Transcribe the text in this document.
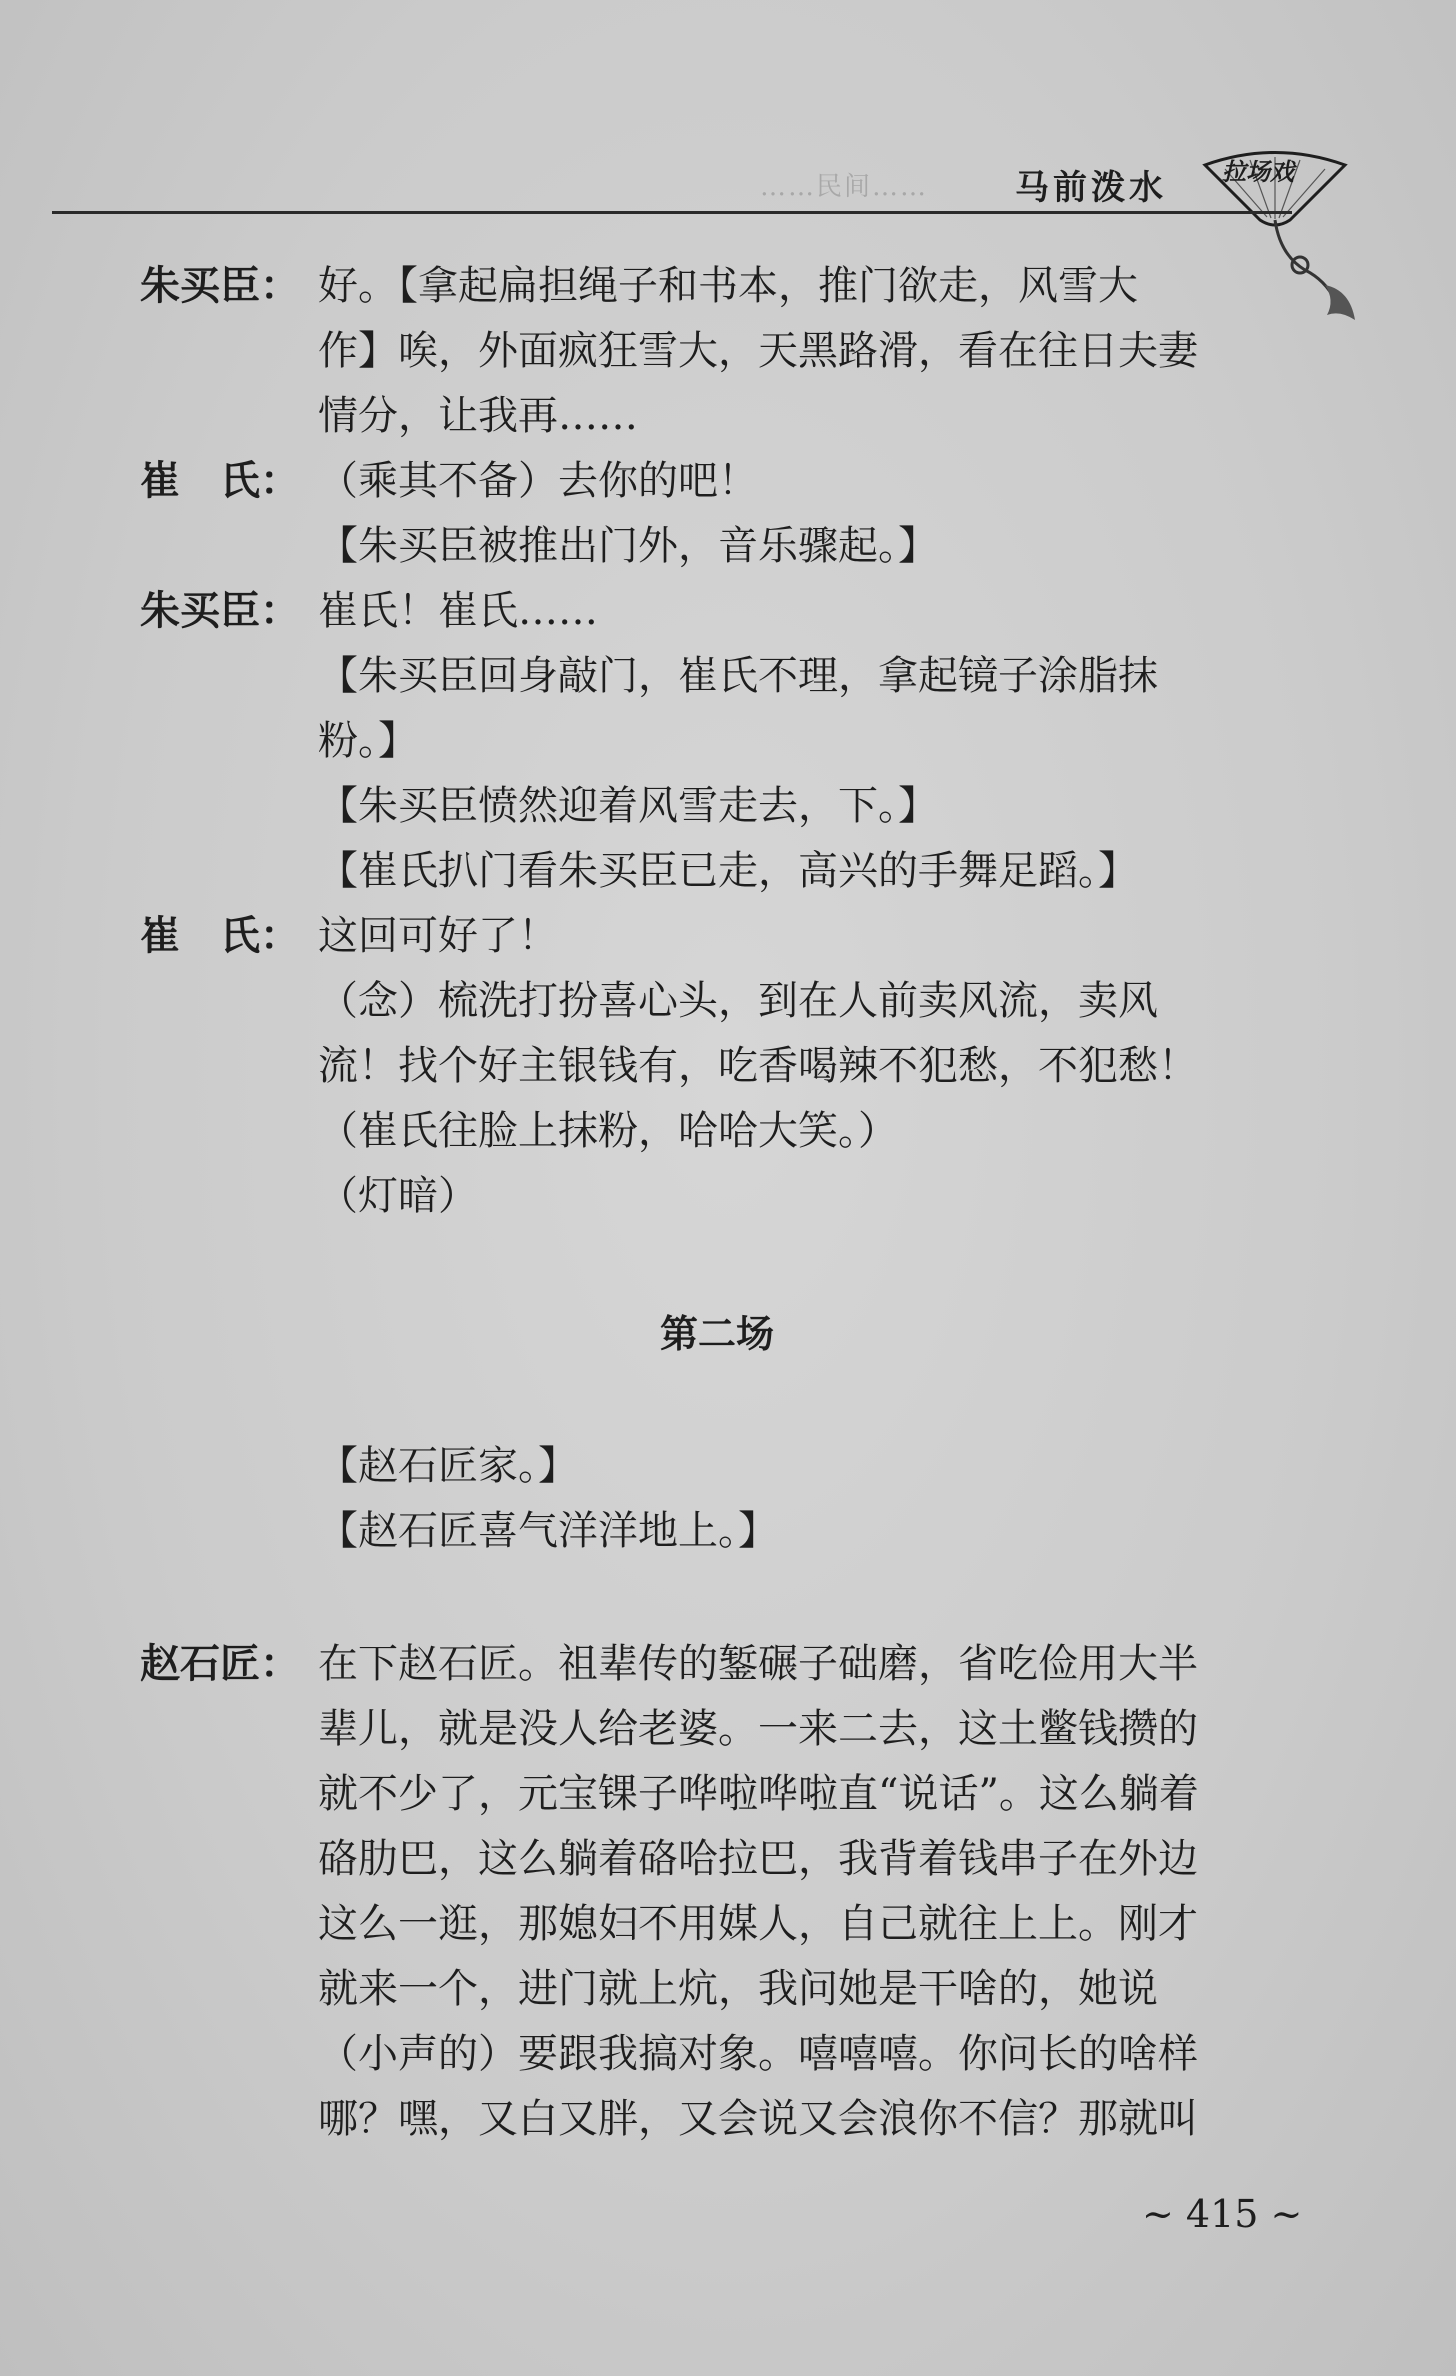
……民间……	马前泼水 拉场戏
朱买臣： 好。【拿起扁担绳子和书本，推门欲走，风雪大
作】唉，外面疯狂雪大，天黑路滑，看在往日夫妻
情分，让我再……
崔　氏： （乘其不备）去你的吧！
【朱买臣被推出门外，音乐骤起。】
朱买臣： 崔氏！崔氏……
【朱买臣回身敲门，崔氏不理，拿起镜子涂脂抹
粉。】
【朱买臣愤然迎着风雪走去，下。】
【崔氏扒门看朱买臣已走，高兴的手舞足蹈。】
崔　氏： 这回可好了！
（念）梳洗打扮喜心头，到在人前卖风流，卖风
流！找个好主银钱有，吃香喝辣不犯愁，不犯愁！
（崔氏往脸上抹粉，哈哈大笑。）
（灯暗）
第二场
【赵石匠家。】
【赵石匠喜气洋洋地上。】
赵石匠： 在下赵石匠。祖辈传的錾碾子础磨，省吃俭用大半
辈儿，就是没人给老婆。一来二去，这土鳖钱攒的
就不少了，元宝锞子哗啦哗啦直“说话”。这么躺着
硌肋巴，这么躺着硌哈拉巴，我背着钱串子在外边
这么一逛，那媳妇不用媒人，自己就往上上。刚才
就来一个，进门就上炕，我问她是干啥的，她说
（小声的）要跟我搞对象。嘻嘻嘻。你问长的啥样
哪？嘿，又白又胖，又会说又会浪你不信？那就叫
~ 415 ~
